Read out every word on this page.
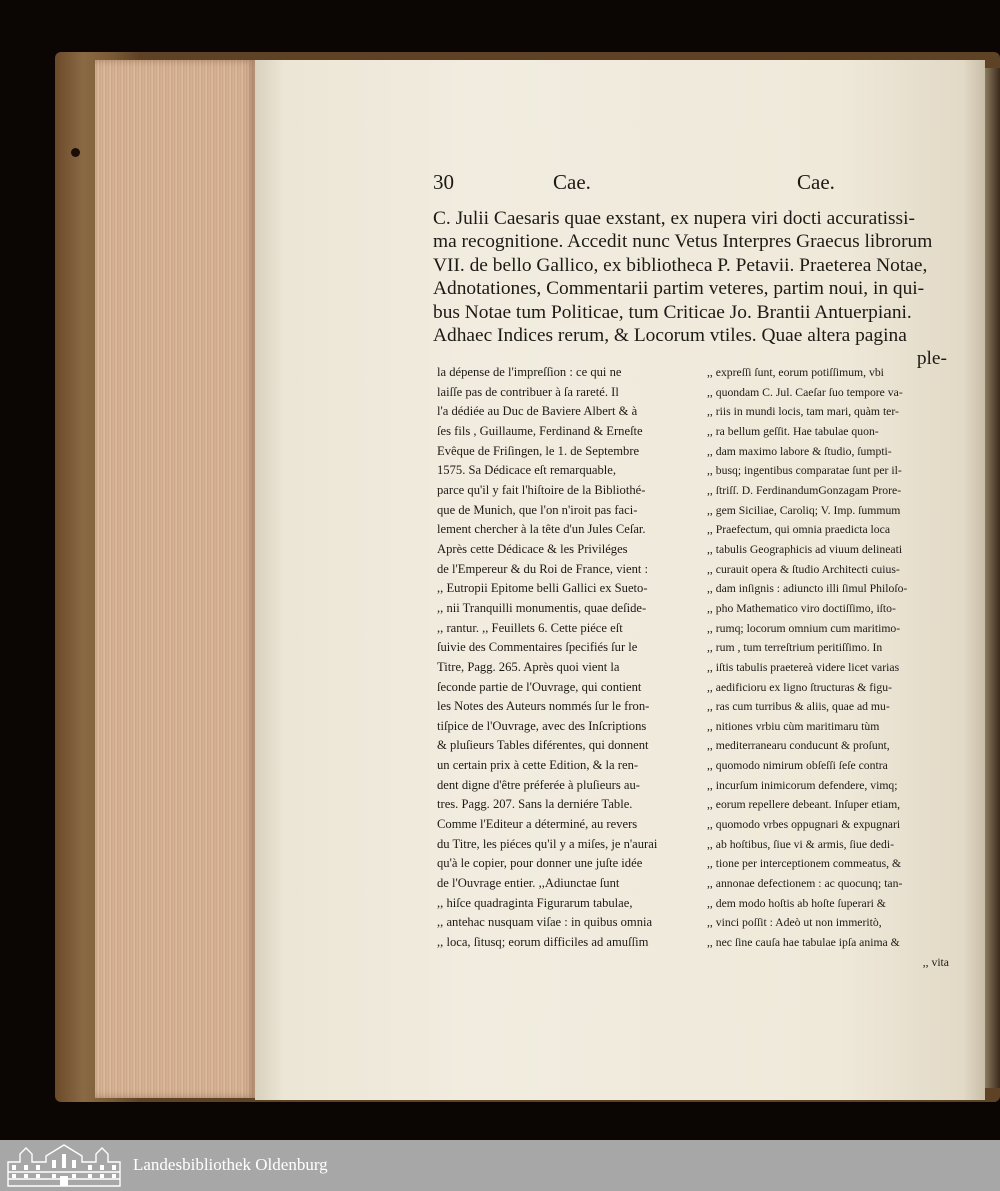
30	Cae.	Cae.
C. Julii Caesaris quae exstant, ex nupera viri docti accuratissi-
ma recognitione. Accedit nunc Vetus Interpres Graecus librorum
VII. de bello Gallico, ex bibliotheca P. Petavii. Praeterea Notae,
Adnotationes, Commentarii partim veteres, partim noui, in qui-
bus Notae tum Politicae, tum Criticae Jo. Brantii Antuerpiani.
Adhaec Indices rerum, & Locorum vtiles. Quae altera pagina
ple-
la dépense de l'impreſſion : ce qui ne
laiſſe pas de contribuer à ſa rareté. Il
l'a dédiée au Duc de Baviere Albert & à
ſes fils , Guillaume, Ferdinand & Erneſte
Evêque de Friſingen, le 1. de Septembre
1575. Sa Dédicace eſt remarquable,
parce qu'il y fait l'hiſtoire de la Bibliothé-
que de Munich, que l'on n'iroit pas faci-
lement chercher à la tête d'un Jules Ceſar.
Après cette Dédicace & les Priviléges
de l'Empereur & du Roi de France, vient :
,, Eutropii Epitome belli Gallici ex Sueto-
,, nii Tranquilli monumentis, quae deſide-
,, rantur. ,, Feuillets 6. Cette piéce eſt
ſuivie des Commentaires ſpecifiés ſur le
Titre, Pagg. 265. Après quoi vient la
ſeconde partie de l'Ouvrage, qui contient
les Notes des Auteurs nommés ſur le fron-
tiſpice de l'Ouvrage, avec des Inſcriptions
& pluſieurs Tables diférentes, qui donnent
un certain prix à cette Edition, & la ren-
dent digne d'être préferée à pluſieurs au-
tres. Pagg. 207. Sans la derniére Table.
Comme l'Editeur a déterminé, au revers
du Titre, les piéces qu'il y a miſes, je n'aurai
qu'à le copier, pour donner une juſte idée
de l'Ouvrage entier. ,,Adiunctae ſunt
,, hiſce quadraginta Figurarum tabulae,
,, antehac nusquam viſae : in quibus omnia
,, loca, ſitusq; eorum difficiles ad amuſſim
,, expreſſi ſunt, eorum potiſſimum, vbi
,, quondam C. Jul. Caeſar ſuo tempore va-
,, riis in mundi locis, tam mari, quàm ter-
,, ra bellum geſſit. Hae tabulae quon-
,, dam maximo labore & ſtudio, ſumpti-
,, busq; ingentibus comparatae ſunt per il-
,, ſtriſſ. D. FerdinandumGonzagam Prore-
,, gem Siciliae, Caroliq; V. Imp. ſummum
,, Praefectum, qui omnia praedicta loca
,, tabulis Geographicis ad viuum delineati
,, curauit opera & ſtudio Architecti cuius-
,, dam inſignis : adiuncto illi ſimul Philoſo-
,, pho Mathematico viro doctiſſimo, iſto-
,, rumq; locorum omnium cum maritimo-
,, rum , tum terreſtrium peritiſſimo. In
,, iſtis tabulis praetereà videre licet varias
,, aedificioru ex ligno ſtructuras & figu-
,, ras cum turribus & aliis, quae ad mu-
,, nitiones vrbiu cùm maritimaru tùm
,, mediterranearu conducunt & proſunt,
,, quomodo nimirum obſeſſi ſeſe contra
,, incurſum inimicorum defendere, vimq;
,, eorum repellere debeant. Inſuper etiam,
,, quomodo vrbes oppugnari & expugnari
,, ab hoſtibus, ſiue vi & armis, ſiue dedi-
,, tione per interceptionem commeatus, &
,, annonae defectionem : ac quocunq; tan-
,, dem modo hoſtis ab hoſte ſuperari &
,, vinci poſſit : Adeò ut non immeritò,
,, nec ſine cauſa hae tabulae ipſa anima &
,, vita
Landesbibliothek Oldenburg
